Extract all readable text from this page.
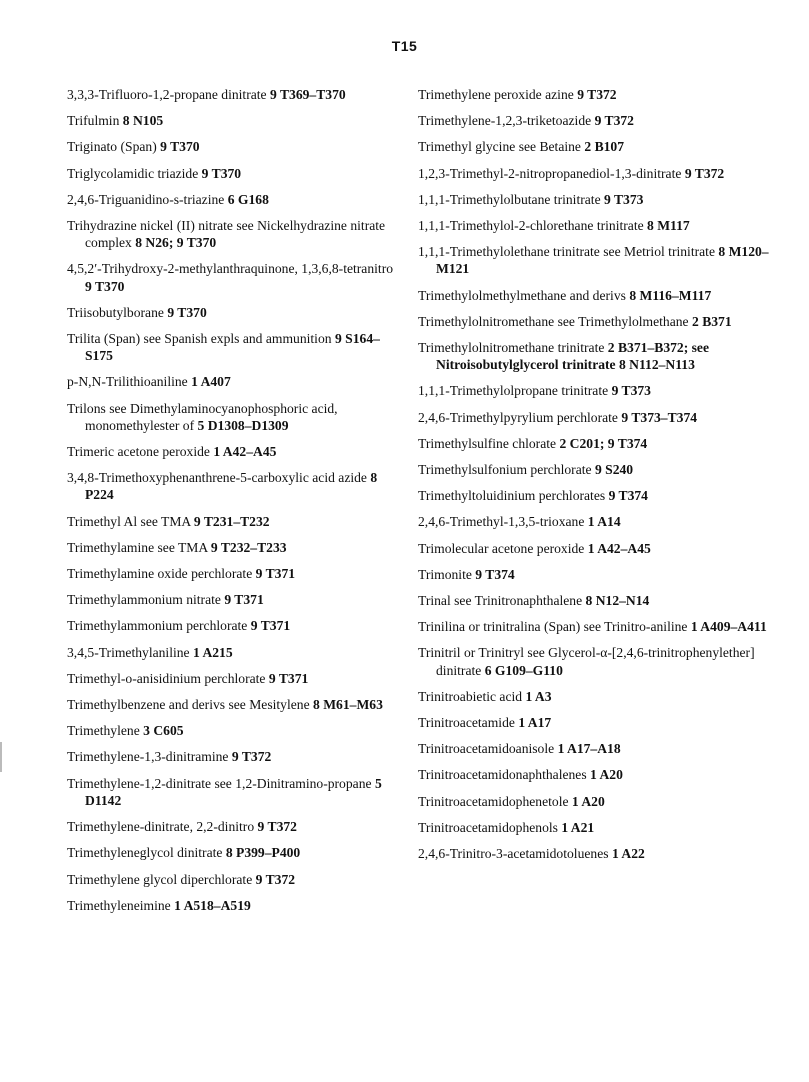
T15

3,3,3-Trifluoro-1,2-propane dinitrate 9 T369–T370

Trifulmin 8 N105

Triginato (Span) 9 T370

Triglycolamidic triazide 9 T370

2,4,6-Triguanidino-s-triazine 6 G168

Trihydrazine nickel (II) nitrate see Nickelhydrazine nitrate complex 8 N26; 9 T370

4,5,2′-Trihydroxy-2-methylanthraquinone, 1,3,6,8-tetranitro 9 T370

Triisobutylborane 9 T370

Trilita (Span) see Spanish expls and ammunition 9 S164–S175

p-N,N-Trilithioaniline 1 A407

Trilons see Dimethylaminocyanophosphoric acid, monomethylester of 5 D1308–D1309

Trimeric acetone peroxide 1 A42–A45

3,4,8-Trimethoxyphenanthrene-5-carboxylic acid azide 8 P224

Trimethyl Al see TMA 9 T231–T232

Trimethylamine see TMA 9 T232–T233

Trimethylamine oxide perchlorate 9 T371

Trimethylammonium nitrate 9 T371

Trimethylammonium perchlorate 9 T371

3,4,5-Trimethylaniline 1 A215

Trimethyl-o-anisidinium perchlorate 9 T371

Trimethylbenzene and derivs see Mesitylene 8 M61–M63

Trimethylene 3 C605

Trimethylene-1,3-dinitramine 9 T372

Trimethylene-1,2-dinitrate see 1,2-Dinitramino-propane 5 D1142

Trimethylene-dinitrate, 2,2-dinitro 9 T372

Trimethyleneglycol dinitrate 8 P399–P400

Trimethylene glycol diperchlorate 9 T372

Trimethyleneimine 1 A518–A519

Trimethylene peroxide azine 9 T372

Trimethylene-1,2,3-triketoazide 9 T372

Trimethyl glycine see Betaine 2 B107

1,2,3-Trimethyl-2-nitropropanediol-1,3-dinitrate 9 T372

1,1,1-Trimethylolbutane trinitrate 9 T373

1,1,1-Trimethylol-2-chlorethane trinitrate 8 M117

1,1,1-Trimethylolethane trinitrate see Metriol trinitrate 8 M120–M121

Trimethylolmethylmethane and derivs 8 M116–M117

Trimethylolnitromethane see Trimethylolmethane 2 B371

Trimethylolnitromethane trinitrate 2 B371–B372; see Nitroisobutylglycerol trinitrate 8 N112–N113

1,1,1-Trimethylolpropane trinitrate 9 T373

2,4,6-Trimethylpyrylium perchlorate 9 T373–T374

Trimethylsulfine chlorate 2 C201; 9 T374

Trimethylsulfonium perchlorate 9 S240

Trimethyltoluidinium perchlorates 9 T374

2,4,6-Trimethyl-1,3,5-trioxane 1 A14

Trimolecular acetone peroxide 1 A42–A45

Trimonite 9 T374

Trinal see Trinitronaphthalene 8 N12–N14

Trinilina or trinitralina (Span) see Trinitro-aniline 1 A409–A411

Trinitril or Trinitryl see Glycerol-α-[2,4,6-trinitrophenylether] dinitrate 6 G109–G110

Trinitroabietic acid 1 A3

Trinitroacetamide 1 A17

Trinitroacetamidoanisole 1 A17–A18

Trinitroacetamidonaphthalenes 1 A20

Trinitroacetamidophenetole 1 A20

Trinitroacetamidophenols 1 A21

2,4,6-Trinitro-3-acetamidotoluenes 1 A22
